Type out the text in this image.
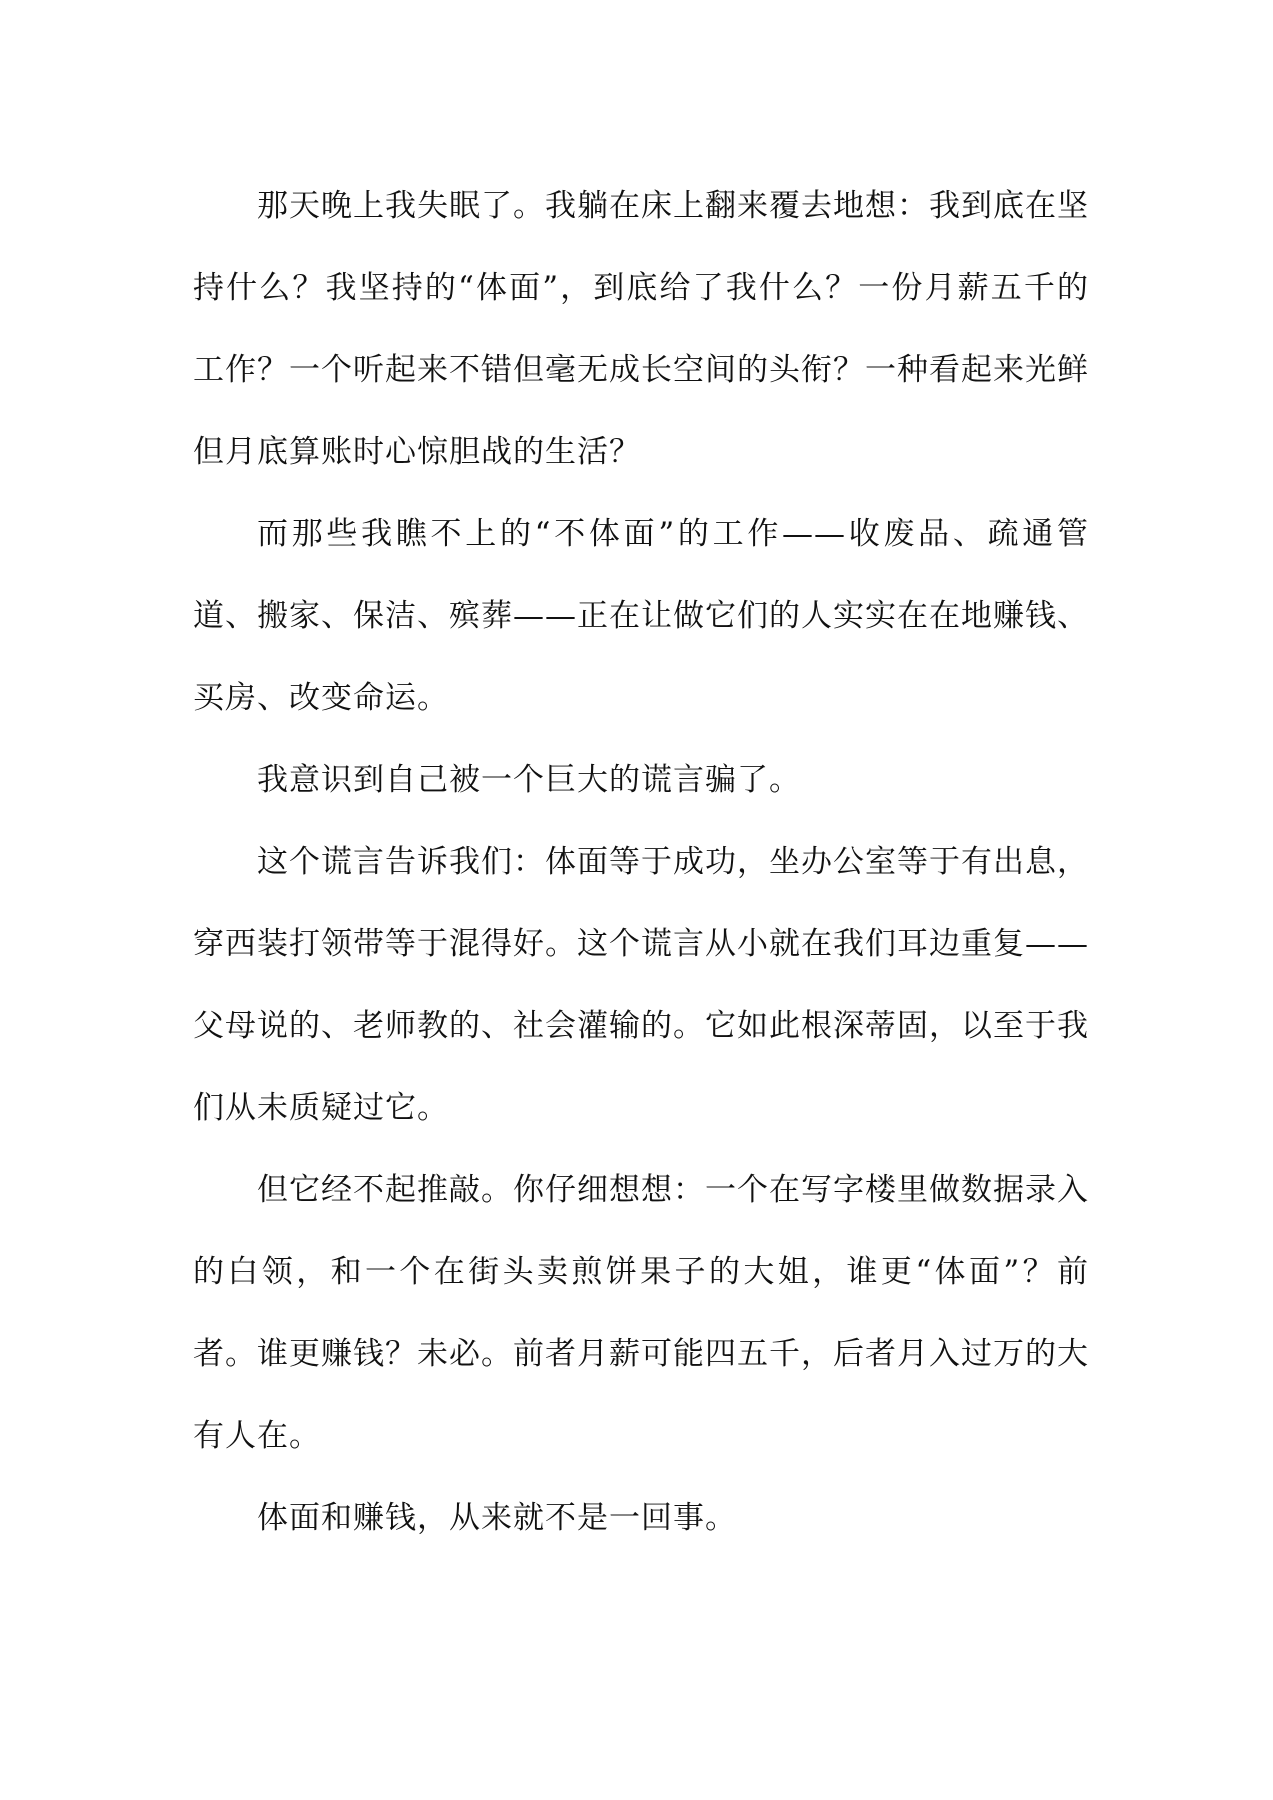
那天晚上我失眠了。我躺在床上翻来覆去地想：我到底在坚持什么？我坚持的“体面”，到底给了我什么？一份月薪五千的工作？一个听起来不错但毫无成长空间的头衔？一种看起来光鲜但月底算账时心惊胆战的生活？

而那些我瞧不上的“不体面”的工作——收废品、疏通管道、搬家、保洁、殡葬——正在让做它们的人实实在在地赚钱、买房、改变命运。

我意识到自己被一个巨大的谎言骗了。

这个谎言告诉我们：体面等于成功，坐办公室等于有出息，穿西装打领带等于混得好。这个谎言从小就在我们耳边重复——父母说的、老师教的、社会灌输的。它如此根深蒂固，以至于我们从未质疑过它。

但它经不起推敲。你仔细想想：一个在写字楼里做数据录入的白领，和一个在街头卖煎饼果子的大姐，谁更“体面”？前者。谁更赚钱？未必。前者月薪可能四五千，后者月入过万的大有人在。

体面和赚钱，从来就不是一回事。
